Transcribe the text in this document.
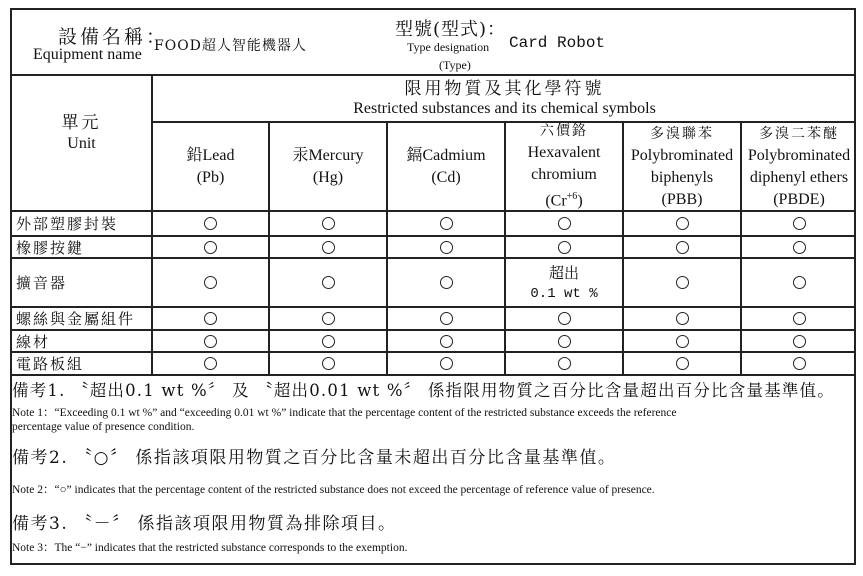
設備名稱：
Equipment name FOOD超人智能機器人
型號(型式)：
Type designation
(Type)
Card Robot
單元
Unit
限用物質及其化學符號
Restricted substances and its chemical symbols
鉛Lead
(Pb)
汞Mercury
(Hg)
鎘Cadmium
(Cd)
六價鉻
Hexavalent
chromium
$(Cr^{+6})$
多溴聯苯
Polybrominated
biphenyls
(PBB)
多溴二苯醚
Polybrominated
diphenyl ethers
(PBDE)
外部塑膠封裝
橡膠按鍵
擴音器
螺絲與金屬組件
線材
電路板組
超出
0.1 wt %
備考1. 〝超出0.1 wt %〞 及 〝超出0.01 wt %〞 係指限用物質之百分比含量超出百分比含量基準值。
Note 1：“Exceeding 0.1 wt %” and “exceeding 0.01 wt %” indicate that the percentage content of the restricted substance exceeds the reference
percentage value of presence condition.
備考2. 〝○〞 係指該項限用物質之百分比含量未超出百分比含量基準值。
Note 2：“○” indicates that the percentage content of the restricted substance does not exceed the percentage of reference value of presence.
備考3. 〝－〞 係指該項限用物質為排除項目。
Note 3：The “−” indicates that the restricted substance corresponds to the exemption.
